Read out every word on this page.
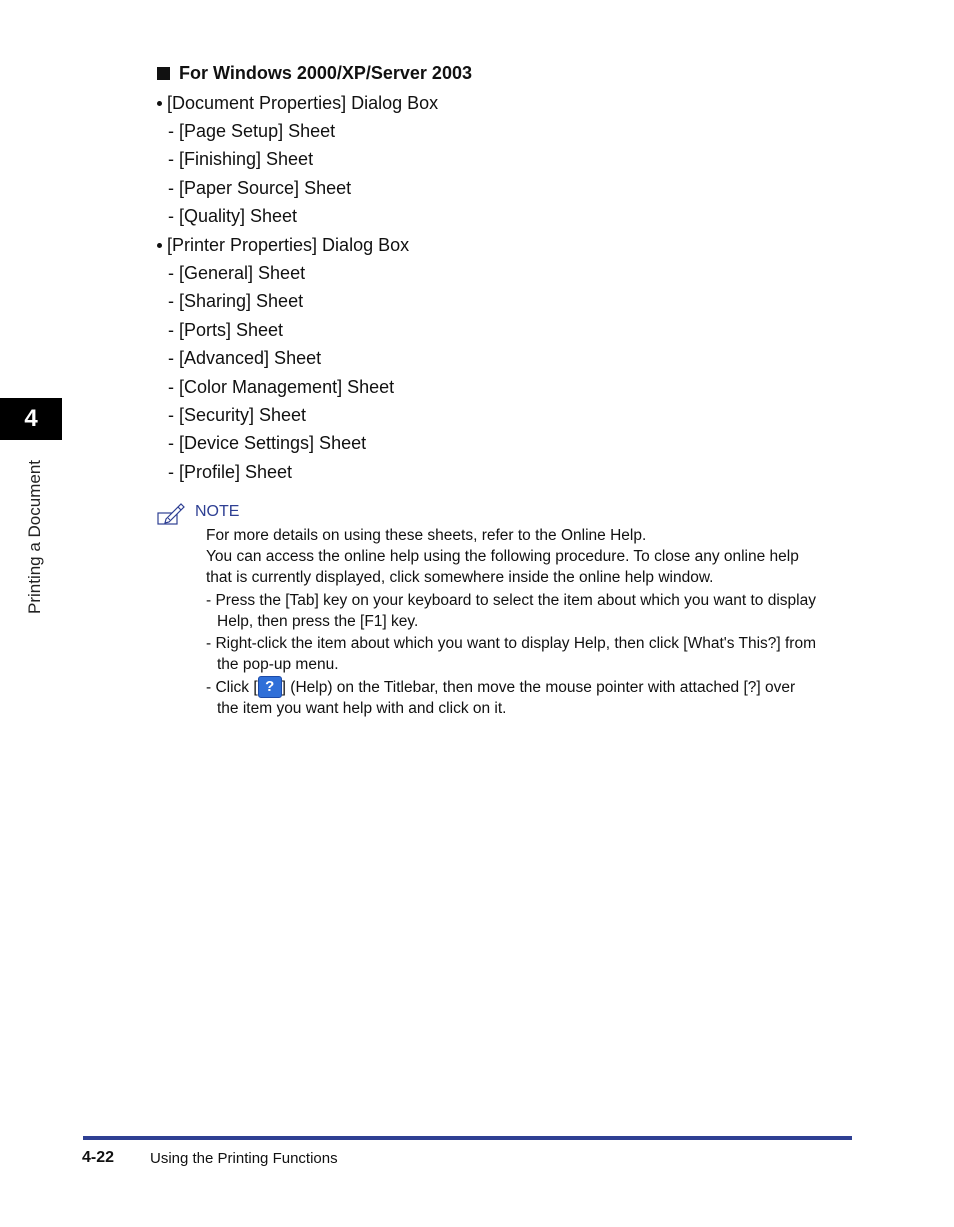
For Windows 2000/XP/Server 2003
[Document Properties] Dialog Box
- [Page Setup] Sheet
- [Finishing] Sheet
- [Paper Source] Sheet
- [Quality] Sheet
[Printer Properties] Dialog Box
- [General] Sheet
- [Sharing] Sheet
- [Ports] Sheet
- [Advanced] Sheet
- [Color Management] Sheet
- [Security] Sheet
- [Device Settings] Sheet
- [Profile] Sheet
4
Printing a Document	NOTE
For more details on using these sheets, refer to the Online Help.
You can access the online help using the following procedure. To close any online help
that is currently displayed, click somewhere inside the online help window.
- Press the [Tab] key on your keyboard to select the item about which you want to display
Help, then press the [F1] key.
- Right-click the item about which you want to display Help, then click [What's This?] from
the pop-up menu.
- Click [ ? ] (Help) on the Titlebar, then move the mouse pointer with attached [?] over
the item you want help with and click on it.
4-22 Using the Printing Functions
